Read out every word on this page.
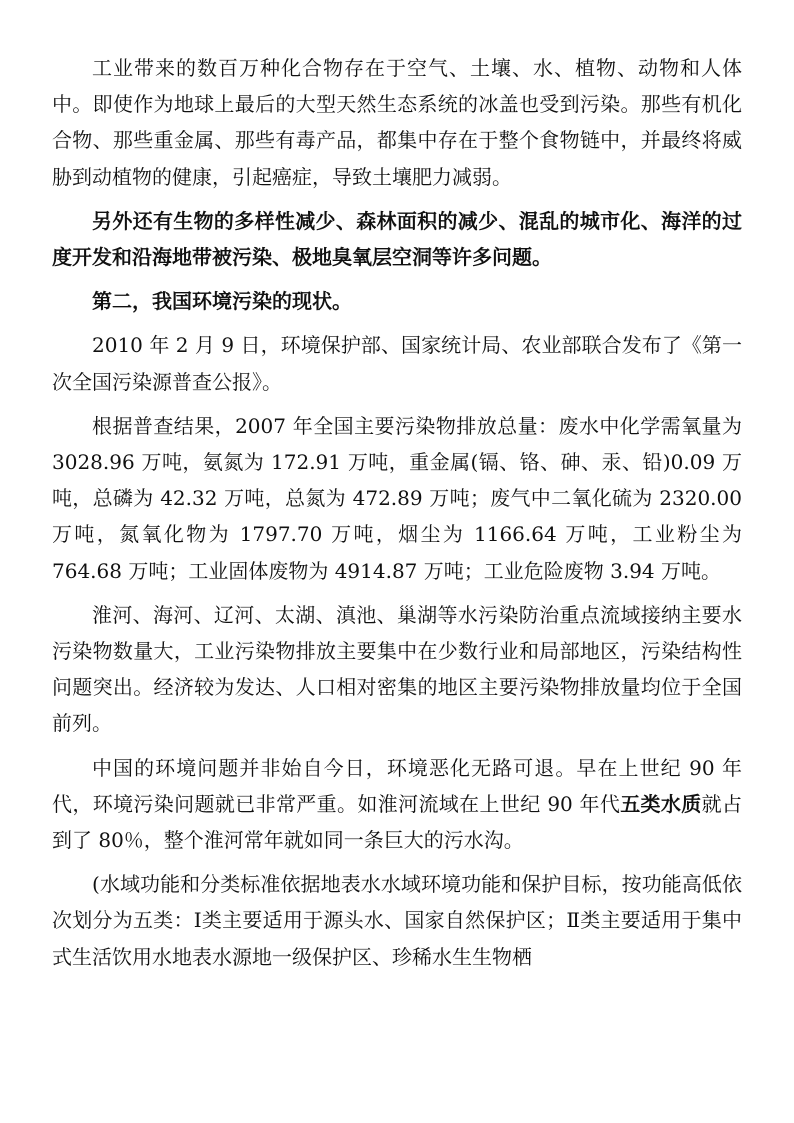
工业带来的数百万种化合物存在于空气、土壤、水、植物、动物和人体中。即使作为地球上最后的大型天然生态系统的冰盖也受到污染。那些有机化合物、那些重金属、那些有毒产品，都集中存在于整个食物链中，并最终将威胁到动植物的健康，引起癌症，导致土壤肥力减弱。

另外还有生物的多样性减少、森林面积的减少、混乱的城市化、海洋的过度开发和沿海地带被污染、极地臭氧层空洞等许多问题。

第二，我国环境污染的现状。

2010 年 2 月 9 日，环境保护部、国家统计局、农业部联合发布了《第一次全国污染源普查公报》。

根据普查结果，2007 年全国主要污染物排放总量：废水中化学需氧量为 3028.96 万吨，氨氮为 172.91 万吨，重金属(镉、铬、砷、汞、铅)0.09 万吨，总磷为 42.32 万吨，总氮为 472.89 万吨；废气中二氧化硫为 2320.00 万吨，氮氧化物为 1797.70 万吨，烟尘为 1166.64 万吨，工业粉尘为 764.68 万吨；工业固体废物为 4914.87 万吨；工业危险废物 3.94 万吨。

淮河、海河、辽河、太湖、滇池、巢湖等水污染防治重点流域接纳主要水污染物数量大，工业污染物排放主要集中在少数行业和局部地区，污染结构性问题突出。经济较为发达、人口相对密集的地区主要污染物排放量均位于全国前列。

中国的环境问题并非始自今日，环境恶化无路可退。早在上世纪 90 年代，环境污染问题就已非常严重。如淮河流域在上世纪 90 年代五类水质就占到了 80％，整个淮河常年就如同一条巨大的污水沟。

(水域功能和分类标准依据地表水水域环境功能和保护目标，按功能高低依次划分为五类：Ⅰ类主要适用于源头水、国家自然保护区；Ⅱ类主要适用于集中式生活饮用水地表水源地一级保护区、珍稀水生生物栖
